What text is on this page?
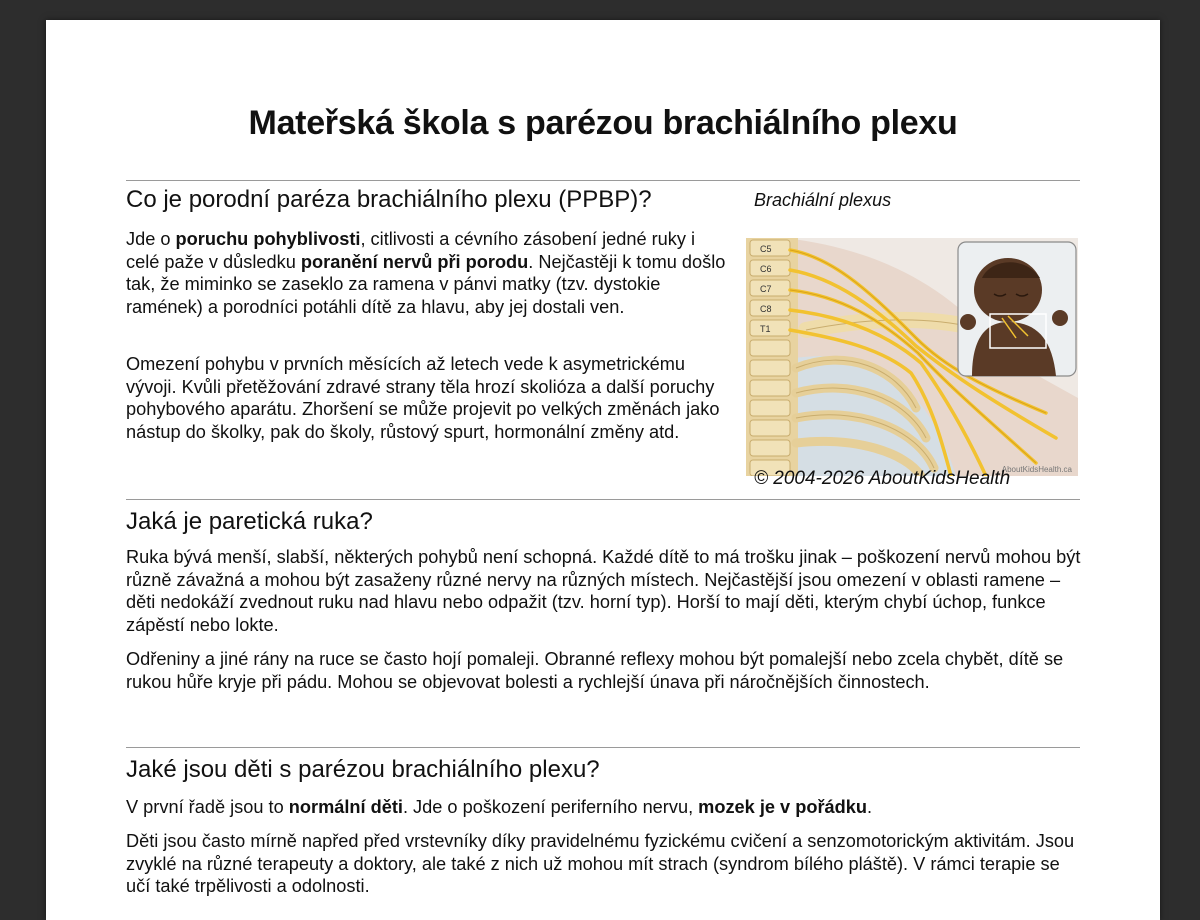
Mateřská škola s parézou brachiálního plexu
Co je porodní paréza brachiálního plexu (PPBP)?

Jde o poruchu pohyblivosti, citlivosti a cévního zásobení jedné ruky i celé paže v důsledku poranění nervů při porodu. Nejčastěji k tomu došlo tak, že miminko se zaseklo za ramena v pánvi matky (tzv. dystokie ramének) a porodníci potáhli dítě za hlavu, aby jej dostali ven.

Omezení pohybu v prvních měsících až letech vede k asymetrickému vývoji. Kvůli přetěžování zdravé strany těla hrozí skolióza a další poruchy pohybového aparátu. Zhoršení se může projevit po velkých změnách jako nástup do školky, pak do školy, růstový spurt, hormonální změny atd.

Brachiální plexus

C5
C6
C7
C8
T1
AboutKidsHealth.ca

© 2004-2026 AboutKidsHealth

Jaká je paretická ruka?

Ruka bývá menší, slabší, některých pohybů není schopná. Každé dítě to má trošku jinak – poškození nervů mohou být různě závažná a mohou být zasaženy různé nervy na různých místech. Nejčastější jsou omezení v oblasti ramene – děti nedokáží zvednout ruku nad hlavu nebo odpažit (tzv. horní typ). Horší to mají děti, kterým chybí úchop, funkce zápěstí nebo lokte.

Odřeniny a jiné rány na ruce se často hojí pomaleji. Obranné reflexy mohou být pomalejší nebo zcela chybět, dítě se rukou hůře kryje při pádu. Mohou se objevovat bolesti a rychlejší únava při náročnějších činnostech.

Jaké jsou děti s parézou brachiálního plexu?

V první řadě jsou to normální děti. Jde o poškození periferního nervu, mozek je v pořádku.

Děti jsou často mírně napřed před vrstevníky díky pravidelnému fyzickému cvičení a senzomotorickým aktivitám. Jsou zvyklé na různé terapeuty a doktory, ale také z nich už mohou mít strach (syndrom bílého pláště). V rámci terapie se učí také trpělivosti a odolnosti.
